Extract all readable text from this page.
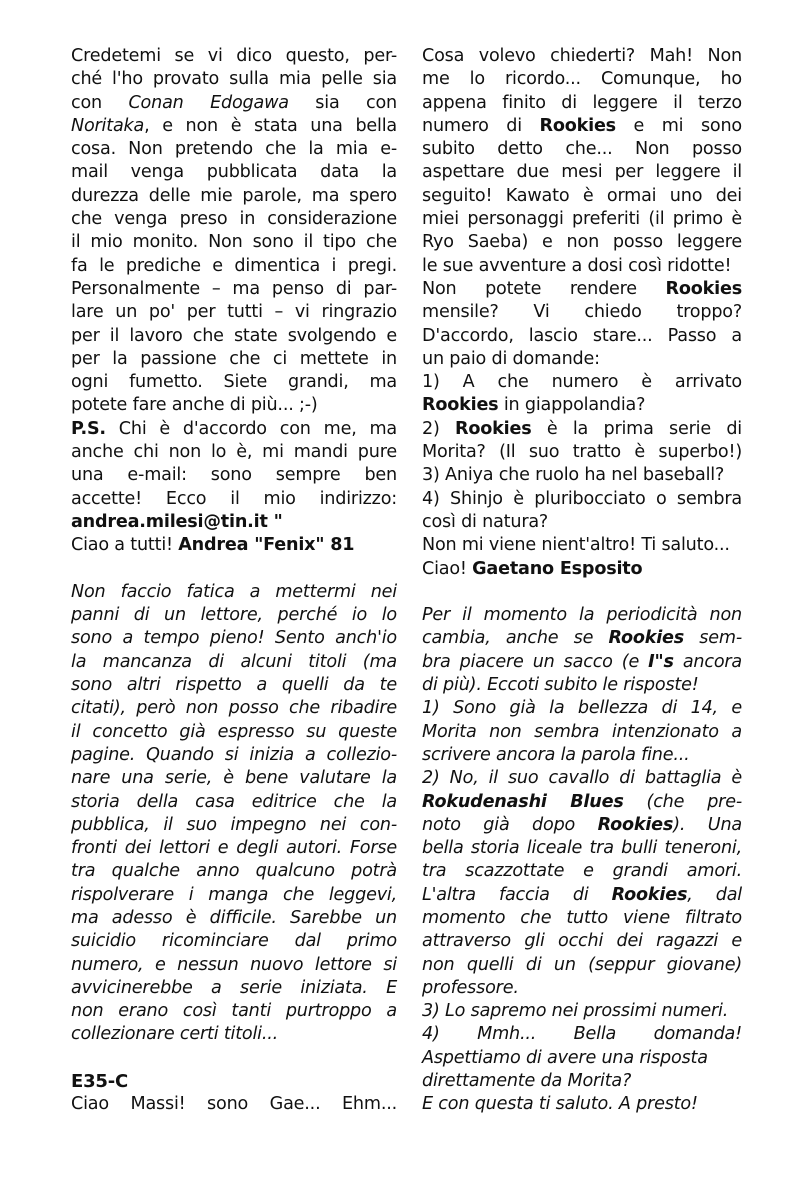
Credetemi se vi dico questo, per-
ché l'ho provato sulla mia pelle sia
con Conan Edogawa sia con
Noritaka, e non è stata una bella
cosa. Non pretendo che la mia e-
mail venga pubblicata data la
durezza delle mie parole, ma spero
che venga preso in considerazione
il mio monito. Non sono il tipo che
fa le prediche e dimentica i pregi.
Personalmente – ma penso di par-
lare un po' per tutti – vi ringrazio
per il lavoro che state svolgendo e
per la passione che ci mettete in
ogni fumetto. Siete grandi, ma
potete fare anche di più... ;-)
P.S. Chi è d'accordo con me, ma
anche chi non lo è, mi mandi pure
una e-mail: sono sempre ben
accette! Ecco il mio indirizzo:
andrea.milesi@tin.it "
Ciao a tutti! Andrea "Fenix" 81
Non faccio fatica a mettermi nei
panni di un lettore, perché io lo
sono a tempo pieno! Sento anch'io
la mancanza di alcuni titoli (ma
sono altri rispetto a quelli da te
citati), però non posso che ribadire
il concetto già espresso su queste
pagine. Quando si inizia a collezio-
nare una serie, è bene valutare la
storia della casa editrice che la
pubblica, il suo impegno nei con-
fronti dei lettori e degli autori. Forse
tra qualche anno qualcuno potrà
rispolverare i manga che leggevi,
ma adesso è difficile. Sarebbe un
suicidio ricominciare dal primo
numero, e nessun nuovo lettore si
avvicinerebbe a serie iniziata. E
non erano così tanti purtroppo a
collezionare certi titoli...
E35-C
Ciao Massi! sono Gae... Ehm...
Cosa volevo chiederti? Mah! Non
me lo ricordo... Comunque, ho
appena finito di leggere il terzo
numero di Rookies e mi sono
subito detto che... Non posso
aspettare due mesi per leggere il
seguito! Kawato è ormai uno dei
miei personaggi preferiti (il primo è
Ryo Saeba) e non posso leggere
le sue avventure a dosi così ridotte!
Non potete rendere Rookies
mensile? Vi chiedo troppo?
D'accordo, lascio stare... Passo a
un paio di domande:
1) A che numero è arrivato
Rookies in giappolandia?
2) Rookies è la prima serie di
Morita? (Il suo tratto è superbo!)
3) Aniya che ruolo ha nel baseball?
4) Shinjo è pluribocciato o sembra
così di natura?
Non mi viene nient'altro! Ti saluto...
Ciao! Gaetano Esposito
Per il momento la periodicità non
cambia, anche se Rookies sem-
bra piacere un sacco (e I"s ancora
di più). Eccoti subito le risposte!
1) Sono già la bellezza di 14, e
Morita non sembra intenzionato a
scrivere ancora la parola fine...
2) No, il suo cavallo di battaglia è
Rokudenashi Blues (che pre-
noto già dopo Rookies). Una
bella storia liceale tra bulli teneroni,
tra scazzottate e grandi amori.
L'altra faccia di Rookies, dal
momento che tutto viene filtrato
attraverso gli occhi dei ragazzi e
non quelli di un (seppur giovane)
professore.
3) Lo sapremo nei prossimi numeri.
4) Mmh... Bella domanda!
Aspettiamo di avere una risposta
direttamente da Morita?
E con questa ti saluto. A presto!
